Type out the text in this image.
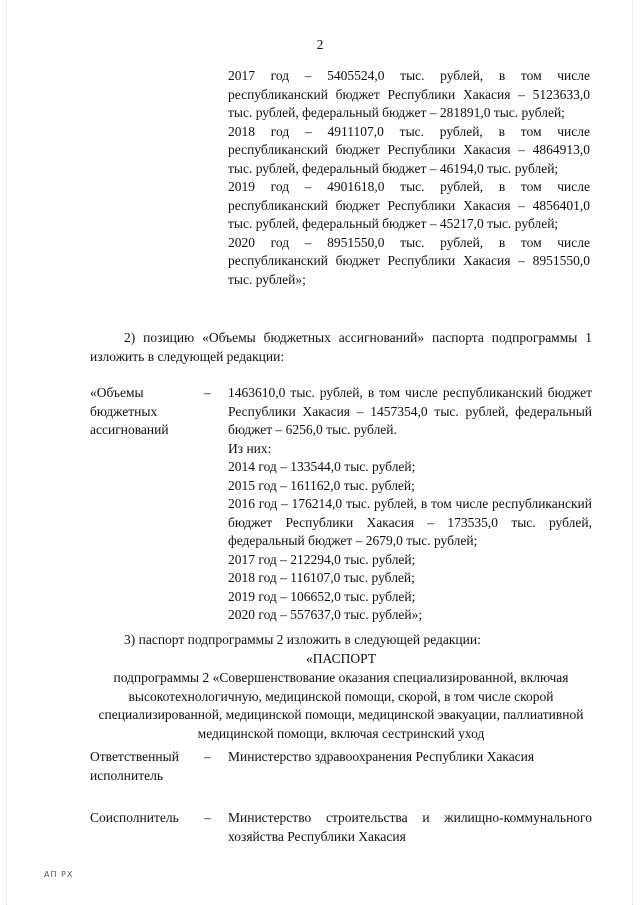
2

2017 год – 5405524,0 тыс. рублей, в том числе республиканский бюджет Республики Хакасия – 5123633,0 тыс. рублей, федеральный бюджет – 281891,0 тыс. рублей;

2018 год – 4911107,0 тыс. рублей, в том числе республиканский бюджет Республики Хакасия – 4864913,0 тыс. рублей, федеральный бюджет – 46194,0 тыс. рублей;

2019 год – 4901618,0 тыс. рублей, в том числе республиканский бюджет Республики Хакасия – 4856401,0 тыс. рублей, федеральный бюджет – 45217,0 тыс. рублей;

2020 год – 8951550,0 тыс. рублей, в том числе республиканский бюджет Республики Хакасия – 8951550,0 тыс. рублей»;

2) позицию «Объемы бюджетных ассигнований» паспорта подпрограммы 1 изложить в следующей редакции:

«Объемы бюджетных ассигнований
– 1463610,0 тыс. рублей, в том числе республиканский бюджет Республики Хакасия – 1457354,0 тыс. рублей, федеральный бюджет – 6256,0 тыс. рублей.

Из них:

2014 год – 133544,0 тыс. рублей;

2015 год – 161162,0 тыс. рублей;

2016 год – 176214,0 тыс. рублей, в том числе республиканский бюджет Республики Хакасия – 173535,0 тыс. рублей, федеральный бюджет – 2679,0 тыс. рублей;

2017 год – 212294,0 тыс. рублей;

2018 год – 116107,0 тыс. рублей;

2019 год – 106652,0 тыс. рублей;

2020 год – 557637,0 тыс. рублей»;

3) паспорт подпрограммы 2 изложить в следующей редакции:

«ПАСПОРТ

подпрограммы 2 «Совершенствование оказания специализированной, включая высокотехнологичную, медицинской помощи, скорой, в том числе скорой специализированной, медицинской помощи, медицинской эвакуации, паллиативной медицинской помощи, включая сестринский уход

Ответственный исполнитель
– Министерство здравоохранения Республики Хакасия
Соисполнитель	– Министерство строительства и жилищно-коммунального хозяйства Республики Хакасия
АП РХ
